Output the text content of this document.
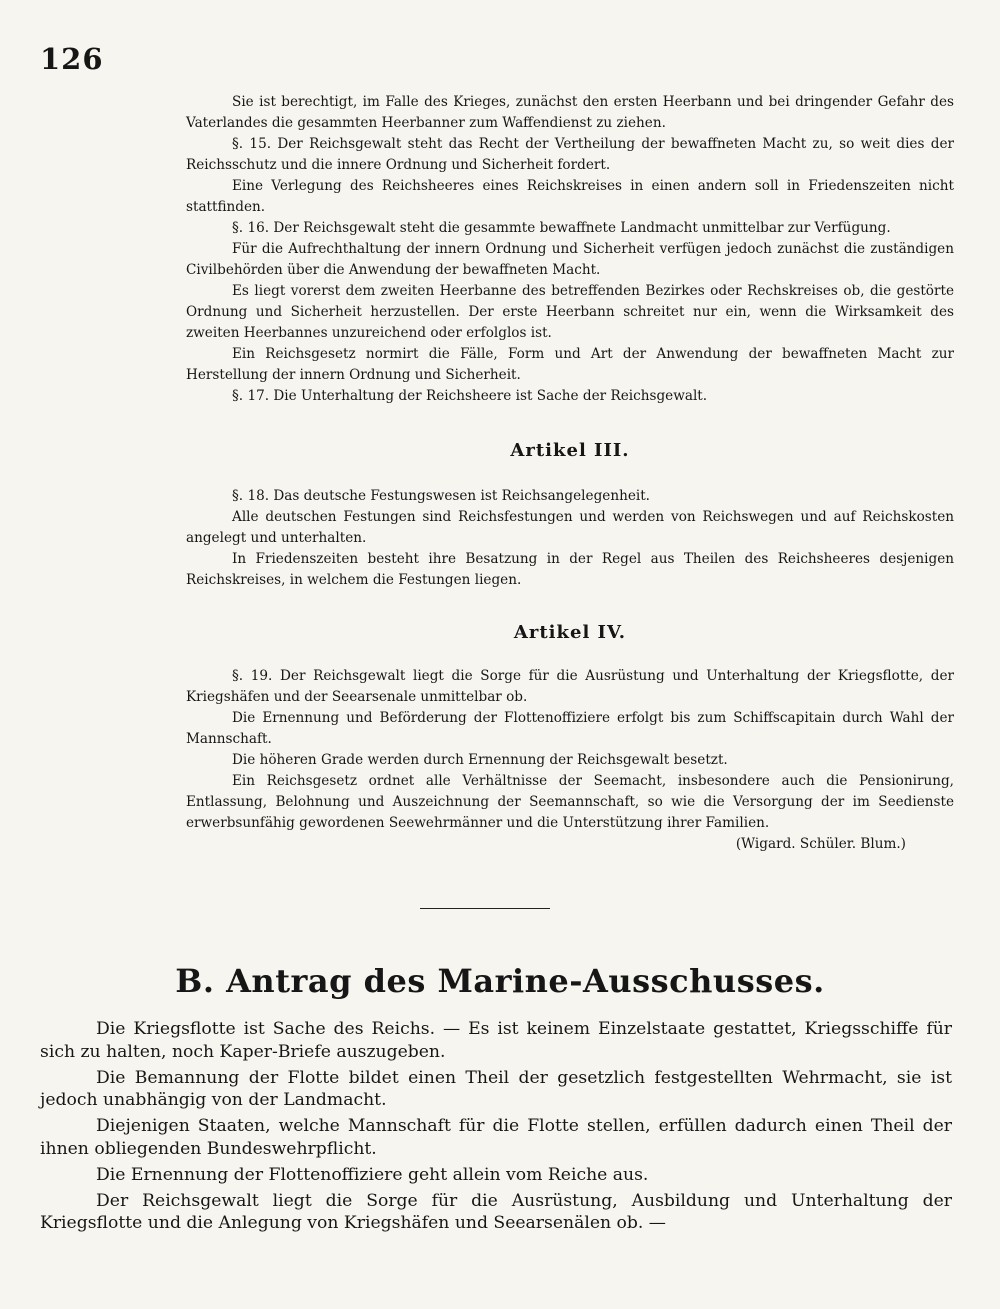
126

Sie ist berechtigt, im Falle des Krieges, zunächst den ersten Heerbann und bei dringender Gefahr des Vaterlandes die gesammten Heerbanner zum Waffendienst zu ziehen.

§. 15. Der Reichsgewalt steht das Recht der Vertheilung der bewaffneten Macht zu, so weit dies der Reichsschutz und die innere Ordnung und Sicherheit fordert.

Eine Verlegung des Reichsheeres eines Reichskreises in einen andern soll in Friedenszeiten nicht stattfinden.

§. 16. Der Reichsgewalt steht die gesammte bewaffnete Landmacht unmittelbar zur Verfügung.

Für die Aufrechthaltung der innern Ordnung und Sicherheit verfügen jedoch zunächst die zuständigen Civilbehörden über die Anwendung der bewaffneten Macht.

Es liegt vorerst dem zweiten Heerbanne des betreffenden Bezirkes oder Rechskreises ob, die gestörte Ordnung und Sicherheit herzustellen. Der erste Heerbann schreitet nur ein, wenn die Wirksamkeit des zweiten Heerbannes unzureichend oder erfolglos ist.

Ein Reichsgesetz normirt die Fälle, Form und Art der Anwendung der bewaffneten Macht zur Herstellung der innern Ordnung und Sicherheit.

§. 17. Die Unterhaltung der Reichsheere ist Sache der Reichsgewalt.

Artikel III.

§. 18. Das deutsche Festungswesen ist Reichsangelegenheit.

Alle deutschen Festungen sind Reichsfestungen und werden von Reichswegen und auf Reichskosten angelegt und unterhalten.

In Friedenszeiten besteht ihre Besatzung in der Regel aus Theilen des Reichsheeres desjenigen Reichskreises, in welchem die Festungen liegen.

Artikel IV.

§. 19. Der Reichsgewalt liegt die Sorge für die Ausrüstung und Unterhaltung der Kriegsflotte, der Kriegshäfen und der Seearsenale unmittelbar ob.

Die Ernennung und Beförderung der Flottenoffiziere erfolgt bis zum Schiffscapitain durch Wahl der Mannschaft.

Die höheren Grade werden durch Ernennung der Reichsgewalt besetzt.

Ein Reichsgesetz ordnet alle Verhältnisse der Seemacht, insbesondere auch die Pensionirung, Entlassung, Belohnung und Auszeichnung der Seemannschaft, so wie die Versorgung der im Seedienste erwerbsunfähig gewordenen Seewehrmänner und die Unterstützung ihrer Familien.

(Wigard. Schüler. Blum.)

B. Antrag des Marine-Ausschusses.

Die Kriegsflotte ist Sache des Reichs. — Es ist keinem Einzelstaate gestattet, Kriegsschiffe für sich zu halten, noch Kaper-Briefe auszugeben.

Die Bemannung der Flotte bildet einen Theil der gesetzlich festgestellten Wehrmacht, sie ist jedoch unabhängig von der Landmacht.

Diejenigen Staaten, welche Mannschaft für die Flotte stellen, erfüllen dadurch einen Theil der ihnen obliegenden Bundeswehrpflicht.

Die Ernennung der Flottenoffiziere geht allein vom Reiche aus.

Der Reichsgewalt liegt die Sorge für die Ausrüstung, Ausbildung und Unterhaltung der Kriegsflotte und die Anlegung von Kriegshäfen und Seearsenälen ob. —
